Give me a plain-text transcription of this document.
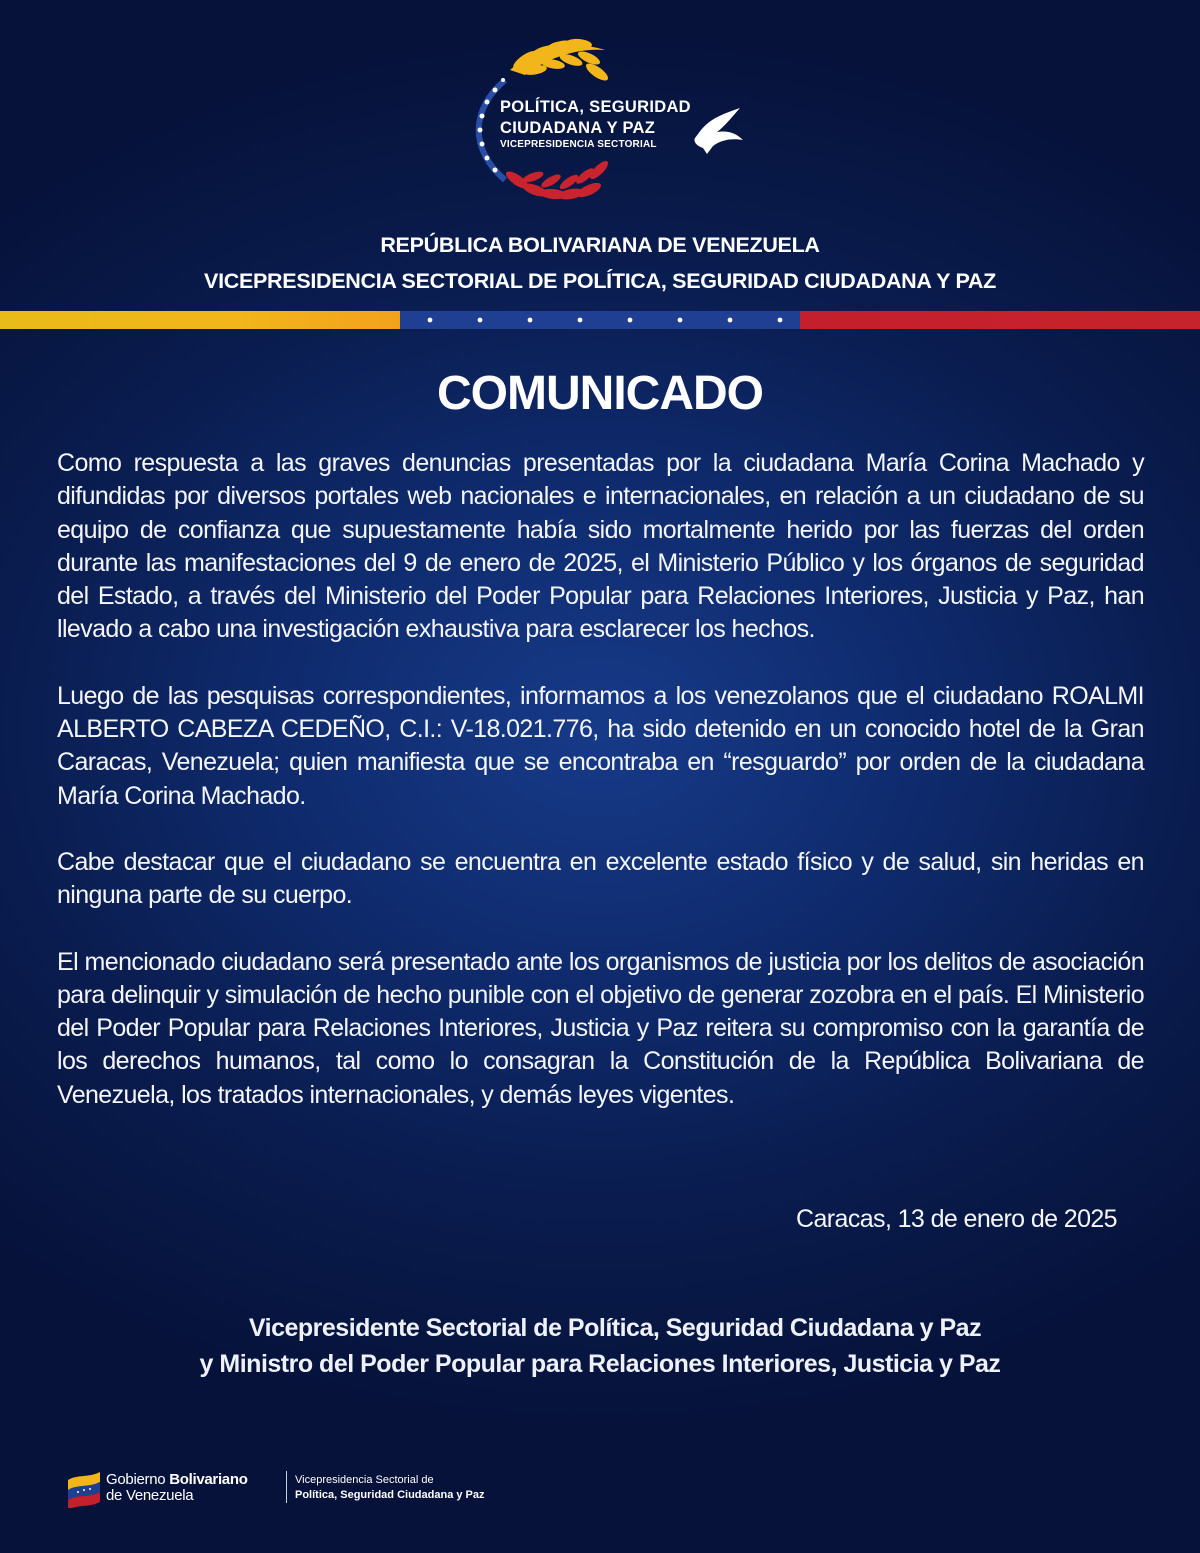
POLÍTICA, SEGURIDAD
CIUDADANA Y PAZ
VICEPRESIDENCIA SECTORIAL
REPÚBLICA BOLIVARIANA DE VENEZUELA
VICEPRESIDENCIA SECTORIAL DE POLÍTICA, SEGURIDAD CIUDADANA Y PAZ
COMUNICADO

Como respuesta a las graves denuncias presentadas por la ciudadana María Corina Machado y difundidas por diversos portales web nacionales e internacionales, en relación a un ciudadano de su equipo de confianza que supuestamente había sido mortalmente herido por las fuerzas del orden durante las manifestaciones del 9 de enero de 2025, el Ministerio Público y los órganos de seguridad del Estado, a través del Ministerio del Poder Popular para Relaciones Interiores, Justicia y Paz, han llevado a cabo una investigación exhaustiva para esclarecer los hechos.

Luego de las pesquisas correspondientes, informamos a los venezolanos que el ciudadano ROALMI ALBERTO CABEZA CEDEÑO, C.I.: V-18.021.776, ha sido detenido en un conocido hotel de la Gran Caracas, Venezuela; quien manifiesta que se encontraba en “resguardo” por orden de la ciudadana María Corina Machado.

Cabe destacar que el ciudadano se encuentra en excelente estado físico y de salud, sin heridas en ninguna parte de su cuerpo.

El mencionado ciudadano será presentado ante los organismos de justicia por los delitos de asociación para delinquir y simulación de hecho punible con el objetivo de generar zozobra en el país. El Ministerio del Poder Popular para Relaciones Interiores, Justicia y Paz reitera su compromiso con la garantía de los derechos humanos, tal como lo consagran la Constitución de la República Bolivariana de Venezuela, los tratados internacionales, y demás leyes vigentes.

Caracas, 13 de enero de 2025
Vicepresidente Sectorial de Política, Seguridad Ciudadana y Paz
y Ministro del Poder Popular para Relaciones Interiores, Justicia y Paz
Gobierno Bolivariano
de Venezuela
Vicepresidencia Sectorial de
Política, Seguridad Ciudadana y Paz
